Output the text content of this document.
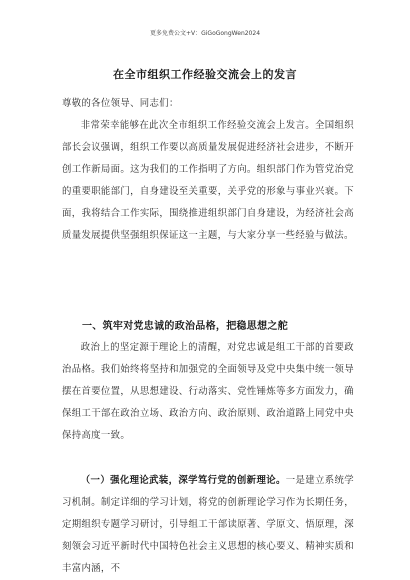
更多免费公文+V：GiGoGongWen2024
在全市组织工作经验交流会上的发言
尊敬的各位领导、同志们：
非常荣幸能够在此次全市组织工作经验交流会上发言。全国组织部长会议强调，组织工作要以高质量发展促进经济社会进步，不断开创工作新局面。这为我们的工作指明了方向。组织部门作为管党治党的重要职能部门，自身建设至关重要，关乎党的形象与事业兴衰。下面，我将结合工作实际，围绕推进组织部门自身建设，为经济社会高质量发展提供坚强组织保证这一主题，与大家分享一些经验与做法。
一、筑牢对党忠诚的政治品格，把稳思想之舵
政治上的坚定源于理论上的清醒，对党忠诚是组工干部的首要政治品格。我们始终将坚持和加强党的全面领导及党中央集中统一领导摆在首要位置，从思想建设、行动落实、党性锤炼等多方面发力，确保组工干部在政治立场、政治方向、政治原则、政治道路上同党中央保持高度一致。
（一）强化理论武装，深学笃行党的创新理论。一是建立系统学习机制。制定详细的学习计划，将党的创新理论学习作为长期任务，定期组织专题学习研讨，引导组工干部读原著、学原文、悟原理，深刻领会习近平新时代中国特色社会主义思想的核心要义、精神实质和丰富内涵，不
